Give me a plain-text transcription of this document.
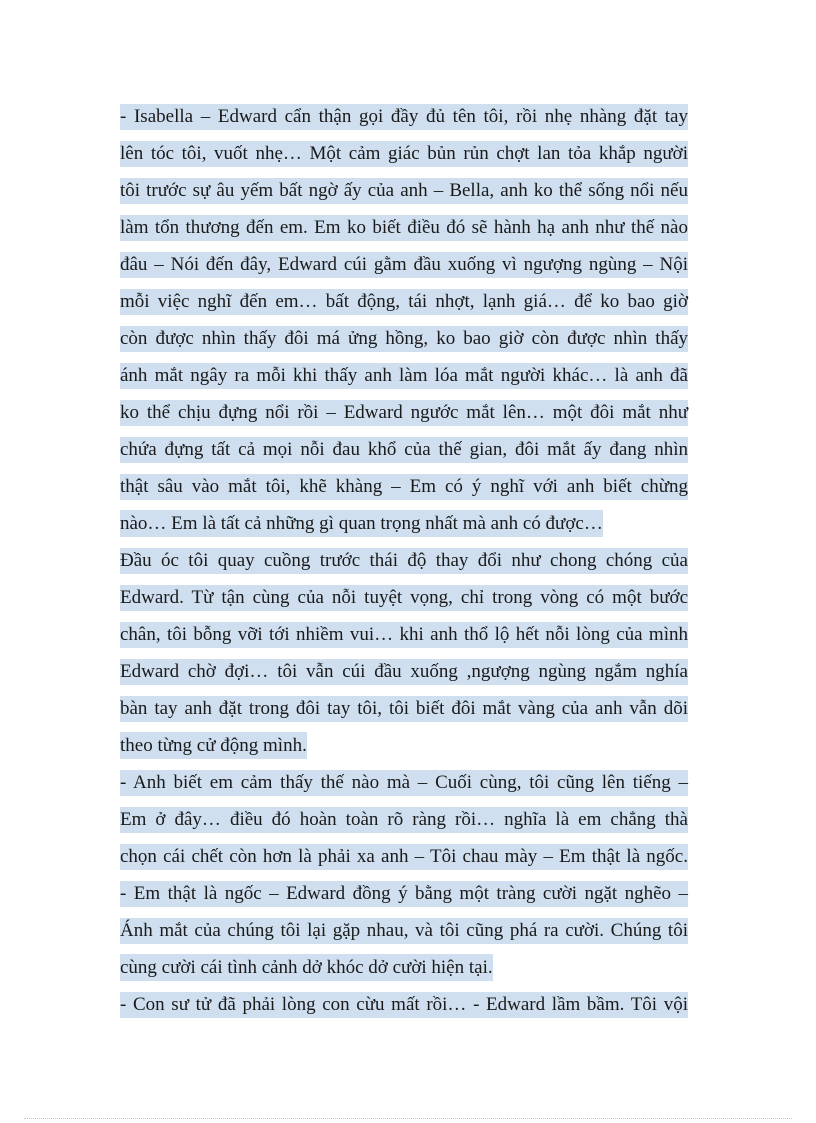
- Isabella – Edward cẩn thận gọi đầy đủ tên tôi, rồi nhẹ nhàng đặt tay
lên tóc tôi, vuốt nhẹ… Một cảm giác bủn rủn chợt lan tỏa khắp người
tôi trước sự âu yếm bất ngờ ấy của anh – Bella, anh ko thể sống nổi nếu
làm tổn thương đến em. Em ko biết điều đó sẽ hành hạ anh như thế nào
đâu – Nói đến đây, Edward cúi gằm đầu xuống vì ngượng ngùng – Nội
mỗi việc nghĩ đến em… bất động, tái nhợt, lạnh giá… để ko bao giờ
còn được nhìn thấy đôi má ửng hồng, ko bao giờ còn được nhìn thấy
ánh mắt ngây ra mỗi khi thấy anh làm lóa mắt người khác… là anh đã
ko thể chịu đựng nổi rồi – Edward ngước mắt lên… một đôi mắt như
chứa đựng tất cả mọi nỗi đau khổ của thế gian, đôi mắt ấy đang nhìn
thật sâu vào mắt tôi, khẽ khàng – Em có ý nghĩ với anh biết chừng
nào… Em là tất cả những gì quan trọng nhất mà anh có được…
Đầu óc tôi quay cuồng trước thái độ thay đổi như chong chóng của
Edward. Từ tận cùng của nỗi tuyệt vọng, chỉ trong vòng có một bước
chân, tôi bỗng vỡi tới nhiềm vui… khi anh thổ lộ hết nỗi lòng của mình
Edward chờ đợi… tôi vẫn cúi đầu xuống ,ngượng ngùng ngắm nghía
bàn tay anh đặt trong đôi tay tôi, tôi biết đôi mắt vàng của anh vẫn dõi
theo từng cử động mình.
- Anh biết em cảm thấy thế nào mà – Cuối cùng, tôi cũng lên tiếng –
Em ở đây… điều đó hoàn toàn rõ ràng rồi… nghĩa là em chẳng thà
chọn cái chết còn hơn là phải xa anh – Tôi chau mày – Em thật là ngốc.
- Em thật là ngốc – Edward đồng ý bằng một tràng cười ngặt nghẽo –
Ánh mắt của chúng tôi lại gặp nhau, và tôi cũng phá ra cười. Chúng tôi
cùng cười cái tình cảnh dở khóc dở cười hiện tại.
- Con sư tử đã phải lòng con cừu mất rồi… - Edward lầm bầm. Tôi vội
